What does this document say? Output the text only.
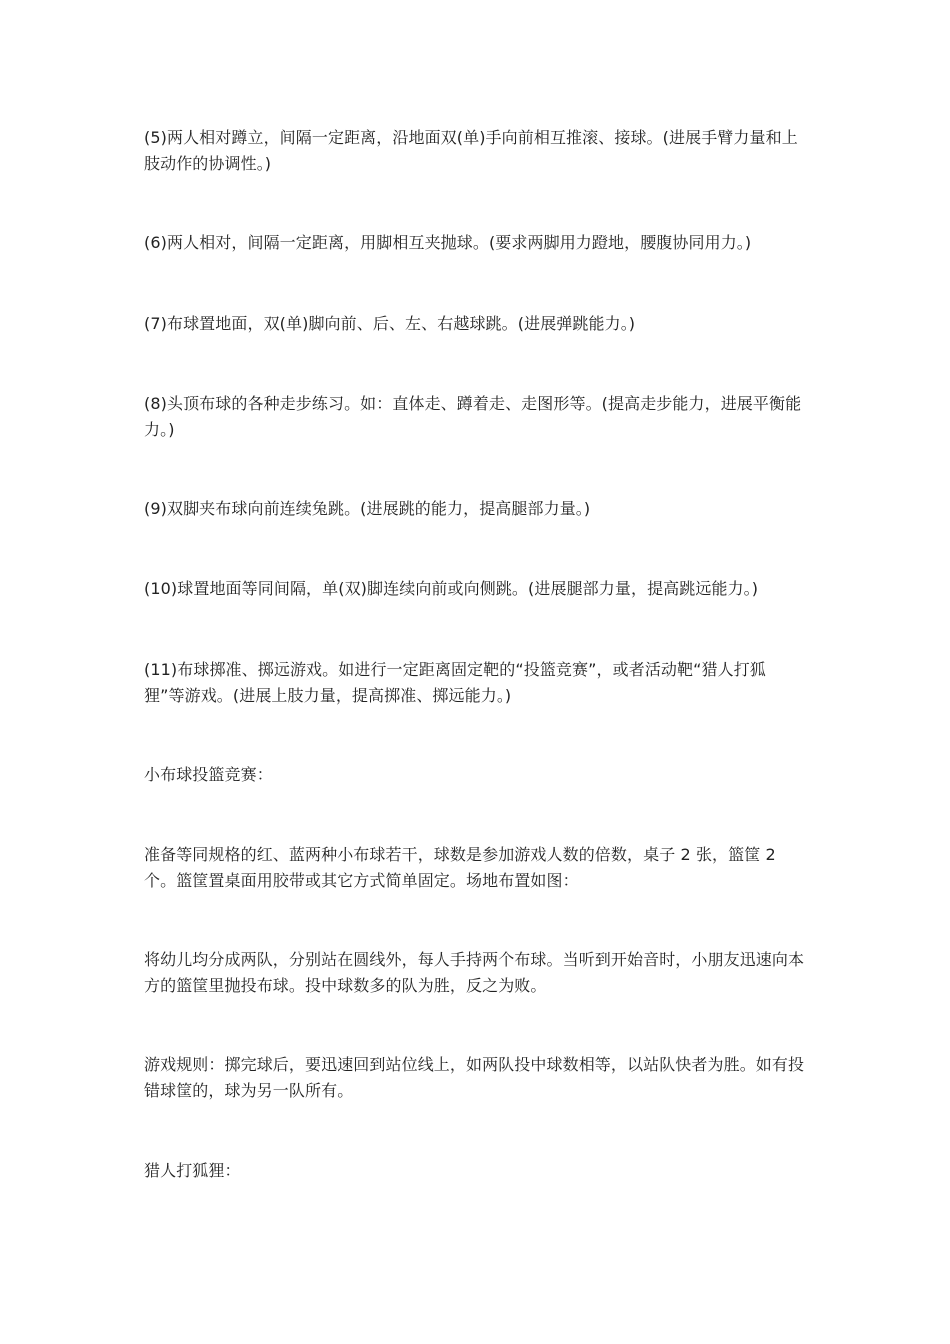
(5)两人相对蹲立，间隔一定距离，沿地面双(单)手向前相互推滚、接球。(进展手臂力量和上肢动作的协调性。)

(6)两人相对，间隔一定距离，用脚相互夹抛球。(要求两脚用力蹬地，腰腹协同用力。)

(7)布球置地面，双(单)脚向前、后、左、右越球跳。(进展弹跳能力。)

(8)头顶布球的各种走步练习。如：直体走、蹲着走、走图形等。(提高走步能力，进展平衡能力。)

(9)双脚夹布球向前连续兔跳。(进展跳的能力，提高腿部力量。)

(10)球置地面等同间隔，单(双)脚连续向前或向侧跳。(进展腿部力量，提高跳远能力。)

(11)布球掷准、掷远游戏。如进行一定距离固定靶的“投篮竞赛”，或者活动靶“猎人打狐狸”等游戏。(进展上肢力量，提高掷准、掷远能力。)

小布球投篮竞赛：

准备等同规格的红、蓝两种小布球若干，球数是参加游戏人数的倍数，桌子 2 张，篮筐 2 个。篮筐置桌面用胶带或其它方式简单固定。场地布置如图：

将幼儿均分成两队，分别站在圆线外，每人手持两个布球。当听到开始音时，小朋友迅速向本方的篮筐里抛投布球。投中球数多的队为胜，反之为败。

游戏规则：掷完球后，要迅速回到站位线上，如两队投中球数相等，以站队快者为胜。如有投错球筐的，球为另一队所有。

猎人打狐狸：
